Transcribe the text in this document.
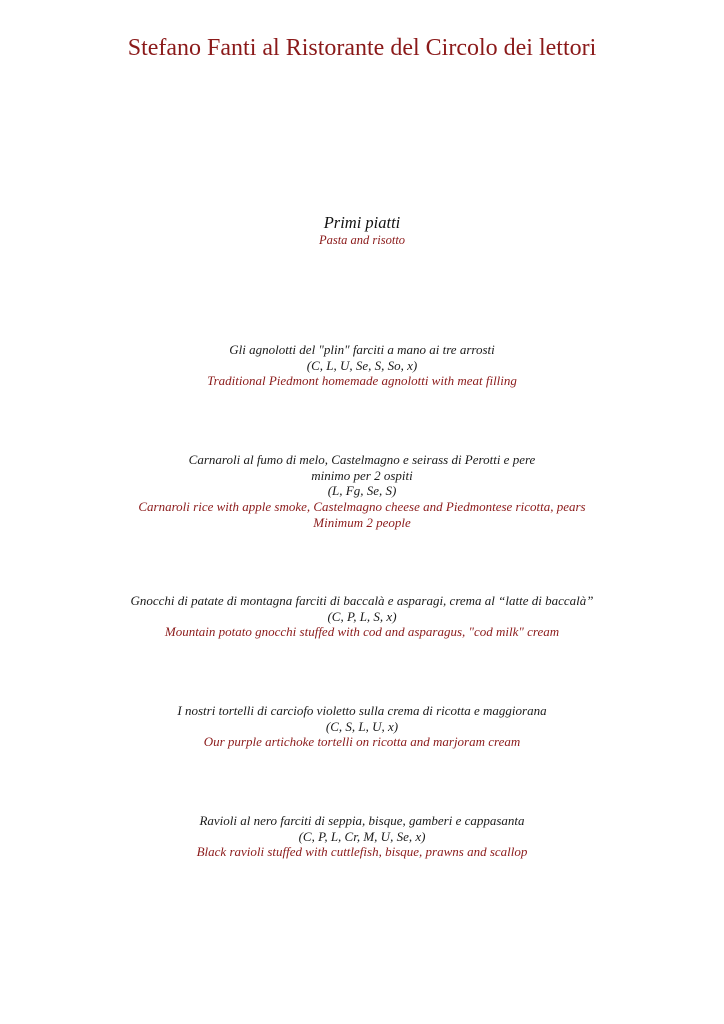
Stefano Fanti al Ristorante del Circolo dei lettori
Primi piatti
Pasta and risotto
Gli agnolotti del "plin" farciti a mano ai tre arrosti
(C, L, U, Se, S, So, x)
Traditional Piedmont homemade agnolotti with meat filling
Carnaroli al fumo di melo, Castelmagno e seirass di Perotti e pere
minimo per 2 ospiti
(L, Fg, Se, S)
Carnaroli rice with apple smoke, Castelmagno cheese and Piedmontese ricotta, pears
Minimum 2 people
Gnocchi di patate di montagna farciti di baccalà e asparagi, crema al “latte di baccalà”
(C, P, L, S, x)
Mountain potato gnocchi stuffed with cod and asparagus, "cod milk" cream
I nostri tortelli di carciofo violetto sulla crema di ricotta e maggiorana
(C, S, L, U, x)
Our purple artichoke tortelli on ricotta and marjoram cream
Ravioli al nero farciti di seppia, bisque, gamberi e cappasanta
(C, P, L, Cr, M, U, Se, x)
Black ravioli stuffed with cuttlefish, bisque, prawns and scallop
